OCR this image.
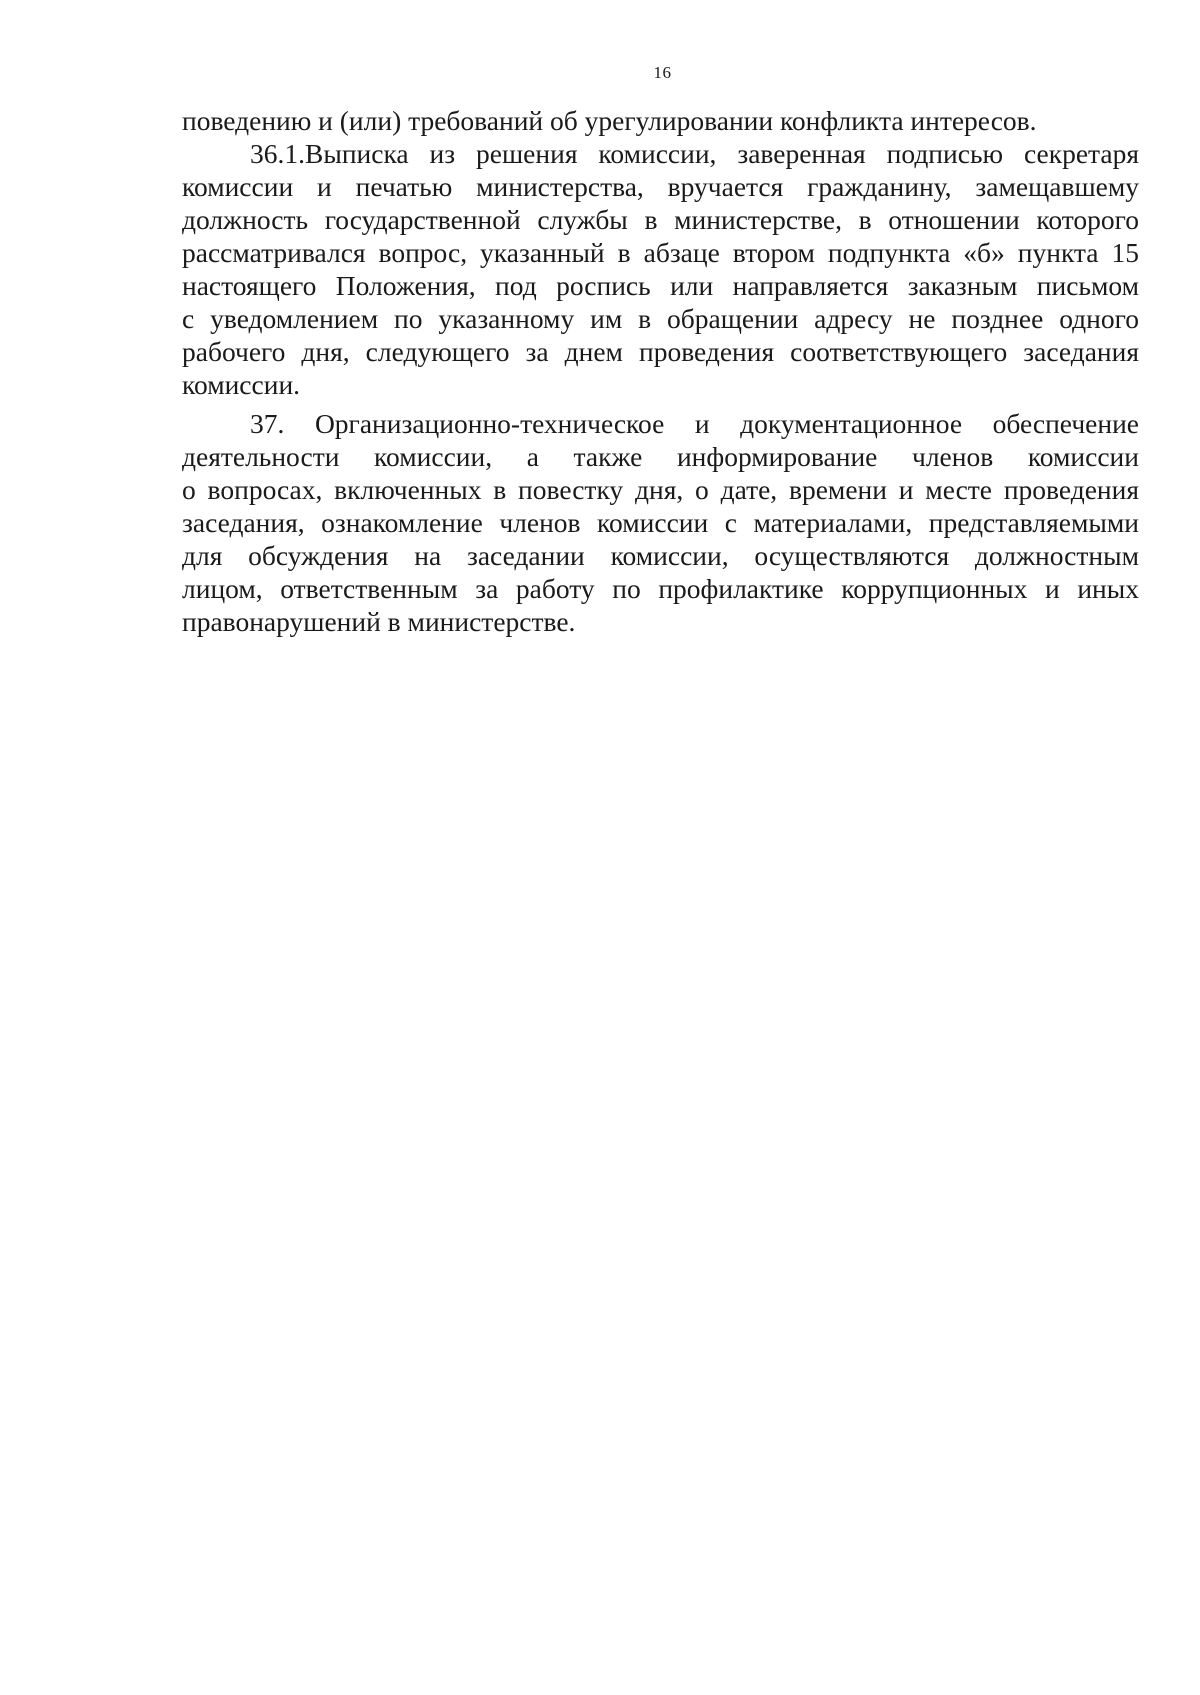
16
поведению и (или) требований об урегулировании конфликта интересов.
36.1.Выписка из решения комиссии, заверенная подписью секретаря
комиссии и печатью министерства, вручается гражданину, замещавшему
должность государственной службы в министерстве, в отношении которого
рассматривался вопрос, указанный в абзаце втором подпункта «б» пункта 15
настоящего Положения, под роспись или направляется заказным письмом
с уведомлением по указанному им в обращении адресу не позднее одного
рабочего дня, следующего за днем проведения соответствующего заседания
комиссии.
37. Организационно-техническое и документационное обеспечение
деятельности комиссии, а также информирование членов комиссии
о вопросах, включенных в повестку дня, о дате, времени и месте проведения
заседания, ознакомление членов комиссии с материалами, представляемыми
для обсуждения на заседании комиссии, осуществляются должностным
лицом, ответственным за работу по профилактике коррупционных и иных
правонарушений в министерстве.
